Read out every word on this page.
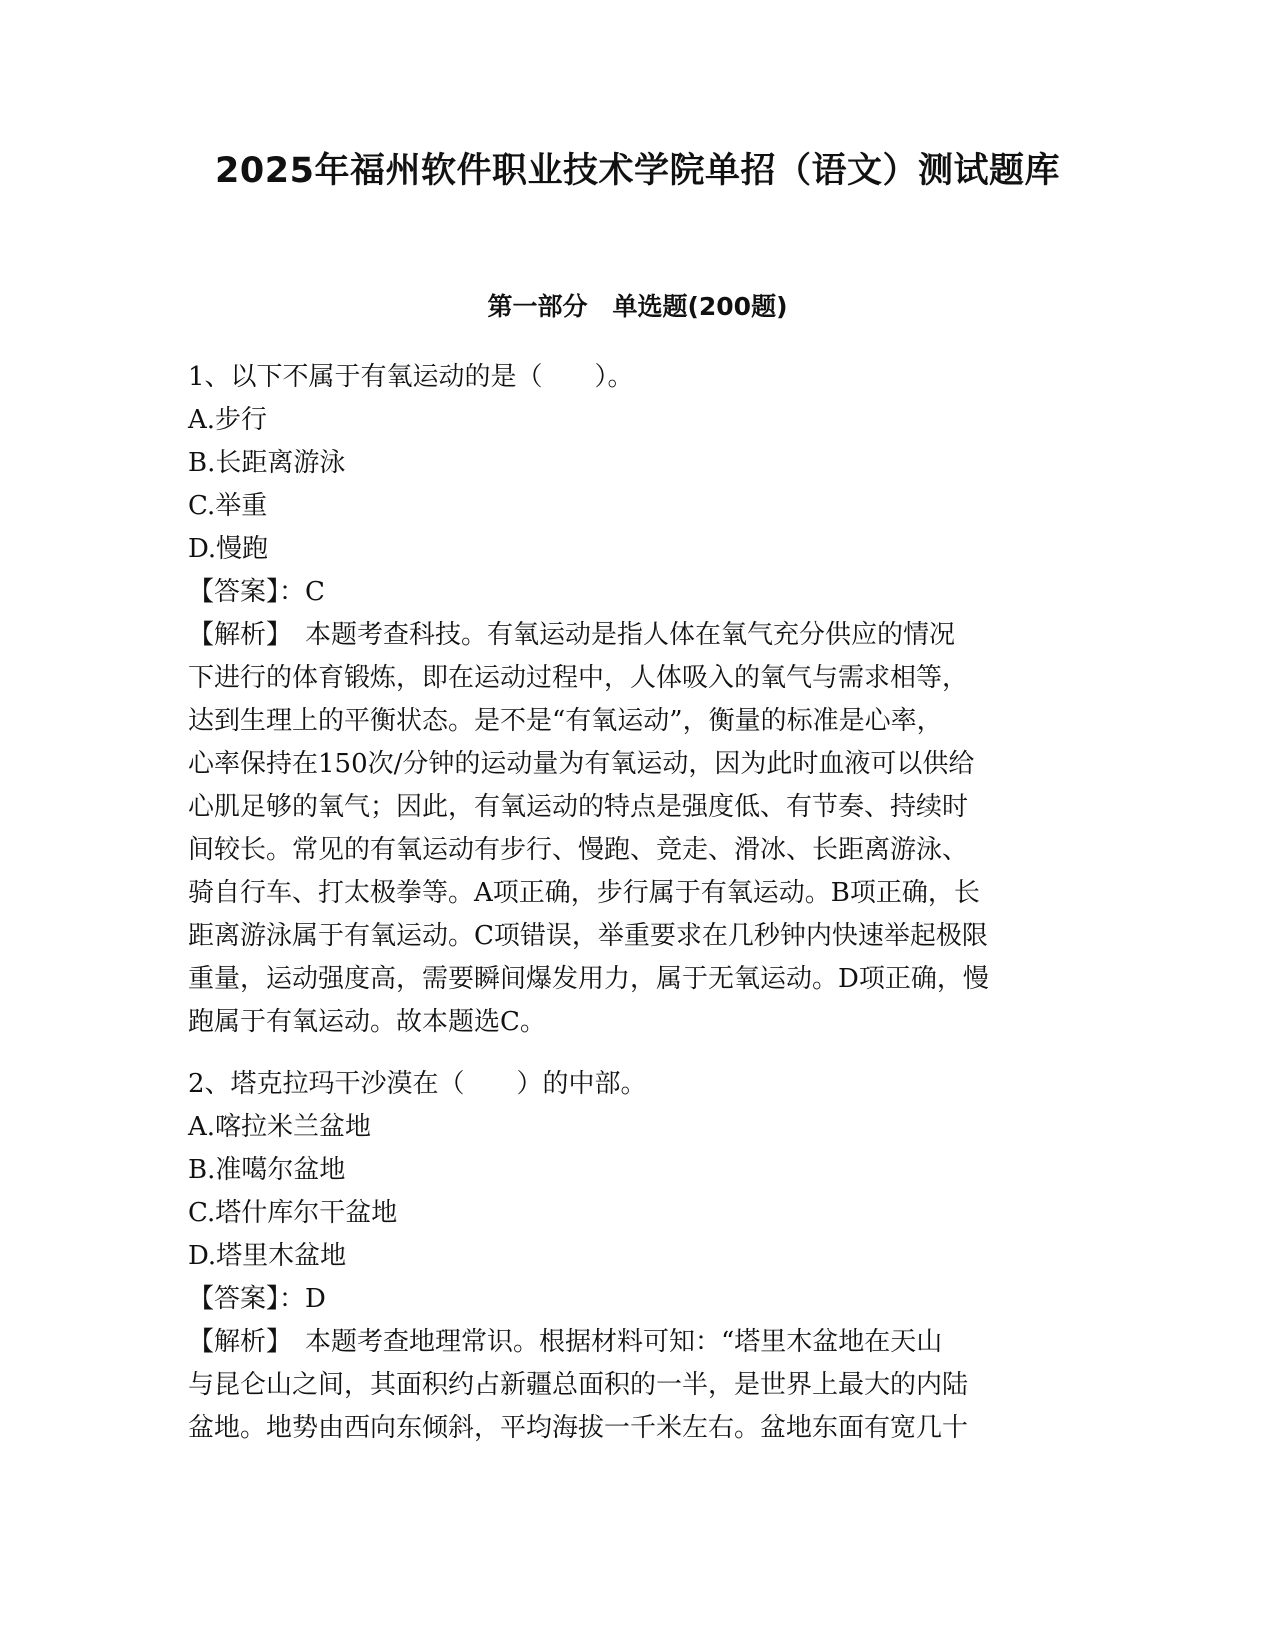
2025年福州软件职业技术学院单招（语文）测试题库
第一部分　单选题(200题)
1、以下不属于有氧运动的是（　　）。
A.步行
B.长距离游泳
C.举重
D.慢跑
【答案】：C
【解析】　本题考查科技。有氧运动是指人体在氧气充分供应的情况
下进行的体育锻炼，即在运动过程中，人体吸入的氧气与需求相等，
达到生理上的平衡状态。是不是“有氧运动”，衡量的标准是心率，
心率保持在150次/分钟的运动量为有氧运动，因为此时血液可以供给
心肌足够的氧气；因此，有氧运动的特点是强度低、有节奏、持续时
间较长。常见的有氧运动有步行、慢跑、竞走、滑冰、长距离游泳、
骑自行车、打太极拳等。A项正确，步行属于有氧运动。B项正确，长
距离游泳属于有氧运动。C项错误，举重要求在几秒钟内快速举起极限
重量，运动强度高，需要瞬间爆发用力，属于无氧运动。D项正确，慢
跑属于有氧运动。故本题选C。
2、塔克拉玛干沙漠在（　　）的中部。
A.喀拉米兰盆地
B.准噶尔盆地
C.塔什库尔干盆地
D.塔里木盆地
【答案】：D
【解析】　本题考查地理常识。根据材料可知：“塔里木盆地在天山
与昆仑山之间，其面积约占新疆总面积的一半，是世界上最大的内陆
盆地。地势由西向东倾斜，平均海拔一千米左右。盆地东面有宽几十
